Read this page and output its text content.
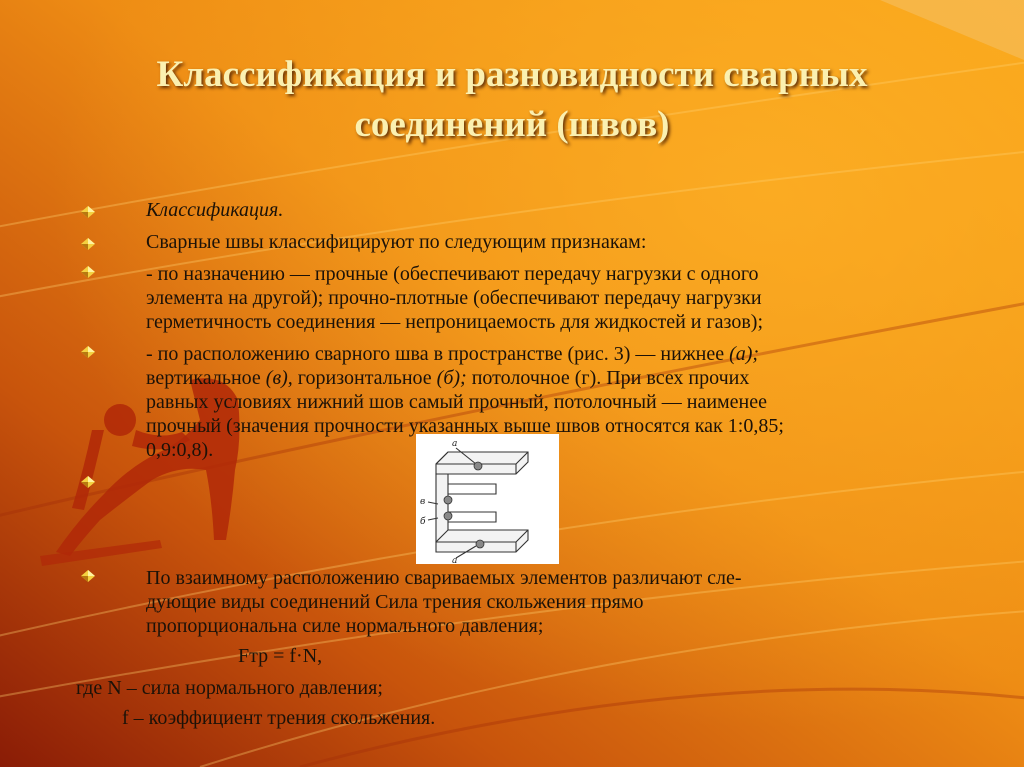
Классификация и разновидности сварных
соединений (швов)
Классификация.
Сварные швы классифицируют по следующим признакам:
- по назначению — прочные (обеспечивают передачу нагрузки с одного
элемента на другой); прочно-плотные (обеспечивают передачу нагрузки
герметичность соединения — непроницаемость для жидкостей и газов);
- по расположению сварного шва в пространстве (рис. 3) — нижнее (а);
вертикальное (в), горизонтальное (б); потолочное (г). При всех прочих
равных условиях нижний шов самый прочный, потолочный — наименее
прочный (значения прочности указанных выше швов относятся как 1:0,85;
0,9:0,8).	а
б
в
а
По взаимному расположению свариваемых элементов различают сле-
дующие виды соединений Сила трения скольжения прямо
пропорциональна силе нормального давления;
Fтр = f·N,
где N – сила нормального давления;
f – коэффициент трения скольжения.
